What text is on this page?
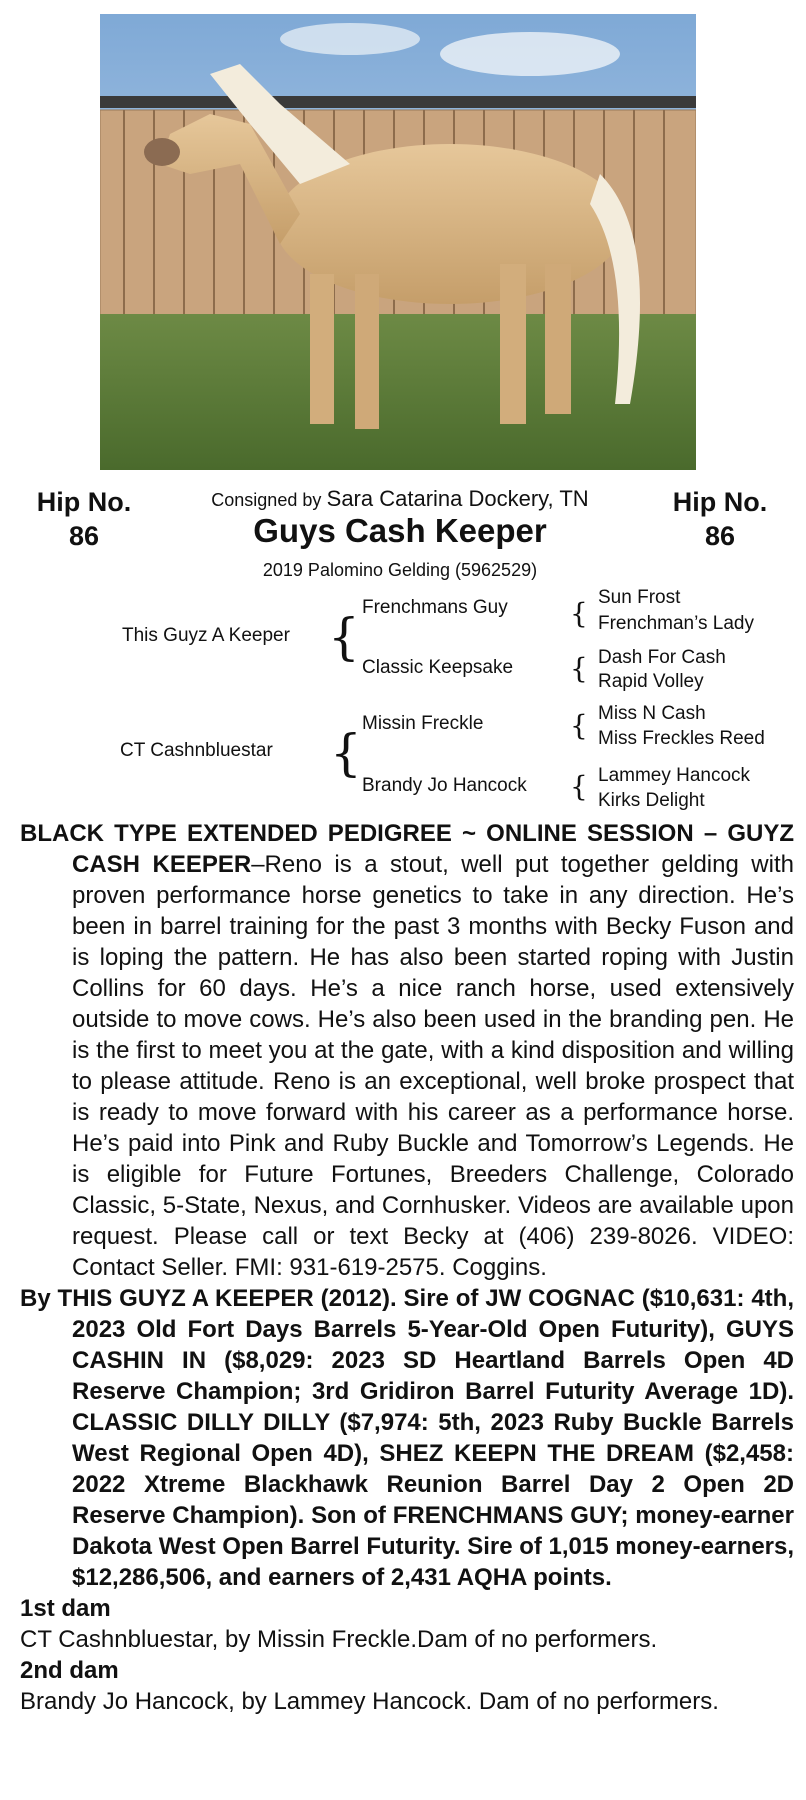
Hip No.
86
Hip No.
86
Consigned by Sara Catarina Dockery, TN
Guys Cash Keeper
2019 Palomino Gelding (5962529)
This Guyz A Keeper {
Frenchmans Guy
Classic Keepsake
{ Sun Frost
Frenchman’s Lady
{ Dash For Cash
Rapid Volley
CT Cashnbluestar {
Missin Freckle
Brandy Jo Hancock
{ Miss N Cash
Miss Freckles Reed
{ Lammey Hancock
Kirks Delight

BLACK TYPE EXTENDED PEDIGREE ~ ONLINE SESSION – GUYZ CASH KEEPER–Reno is a stout, well put together gelding with proven performance horse genetics to take in any direction. He’s been in barrel training for the past 3 months with Becky Fuson and is loping the pattern. He has also been started roping with Justin Collins for 60 days. He’s a nice ranch horse, used extensively outside to move cows. He’s also been used in the branding pen. He is the first to meet you at the gate, with a kind disposition and willing to please attitude. Reno is an exceptional, well broke prospect that is ready to move forward with his career as a performance horse. He’s paid into Pink and Ruby Buckle and Tomorrow’s Legends. He is eligible for Future Fortunes, Breeders Challenge, Colorado Classic, 5-State, Nexus, and Cornhusker. Videos are available upon request. Please call or text Becky at (406) 239-8026. VIDEO: Contact Seller. FMI: 931-619-2575. Coggins.

By THIS GUYZ A KEEPER (2012). Sire of JW COGNAC ($10,631: 4th, 2023 Old Fort Days Barrels 5-Year-Old Open Futurity), GUYS CASHIN IN ($8,029: 2023 SD Heartland Barrels Open 4D Reserve Champion; 3rd Gridiron Barrel Futurity Average 1D). CLASSIC DILLY DILLY ($7,974: 5th, 2023 Ruby Buckle Barrels West Regional Open 4D), SHEZ KEEPN THE DREAM ($2,458: 2022 Xtreme Blackhawk Reunion Barrel Day 2 Open 2D Reserve Champion). Son of FRENCHMANS GUY; money-earner Dakota West Open Barrel Futurity. Sire of 1,015 money-earners, $12,286,506, and earners of 2,431 AQHA points.

1st dam

CT Cashnbluestar, by Missin Freckle.Dam of no performers.

2nd dam

Brandy Jo Hancock, by Lammey Hancock. Dam of no performers.
